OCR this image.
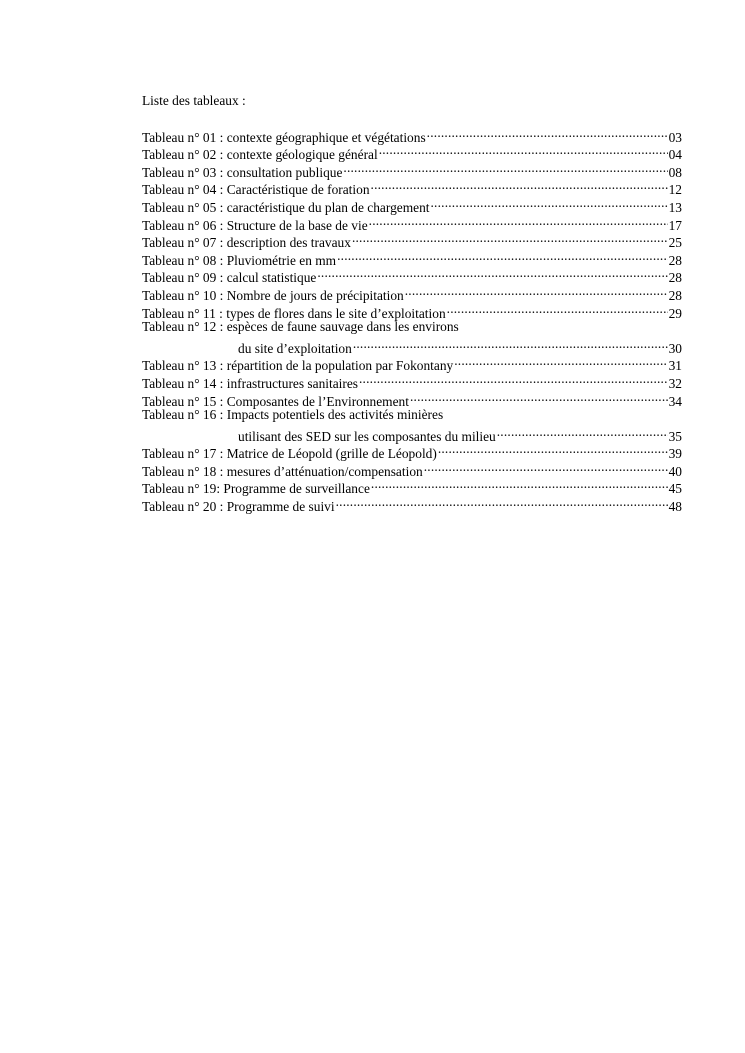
Liste des tableaux :
Tableau n° 01 : contexte géographique et végétations .....	03
Tableau n° 02 : contexte géologique général .....	04
Tableau n° 03 : consultation publique .....	08
Tableau n° 04 : Caractéristique de foration .....	12
Tableau n° 05 : caractéristique du plan de chargement .....	13
Tableau n° 06 : Structure de la base de vie .....	17
Tableau n° 07 : description des travaux .....	25
Tableau n° 08 : Pluviométrie en mm .....	28
Tableau n° 09 : calcul statistique .....	28
Tableau n° 10 : Nombre de jours de précipitation .....	28
Tableau n° 11 : types de flores dans le site d’exploitation .....	29
Tableau n° 12 : espèces de faune sauvage dans les environs
du site d’exploitation .....	30
Tableau n° 13 : répartition de la population par Fokontany .....	31
Tableau n° 14 : infrastructures sanitaires .....	32
Tableau n° 15 : Composantes de l’Environnement .....	34
Tableau n° 16 : Impacts potentiels des activités minières
utilisant des SED sur les composantes du milieu .....	35
Tableau n° 17 : Matrice de Léopold (grille de Léopold) .....	39
Tableau n° 18 : mesures d’atténuation/compensation .....	40
Tableau n° 19: Programme de surveillance .....	45
Tableau n° 20 : Programme de suivi .....	48
